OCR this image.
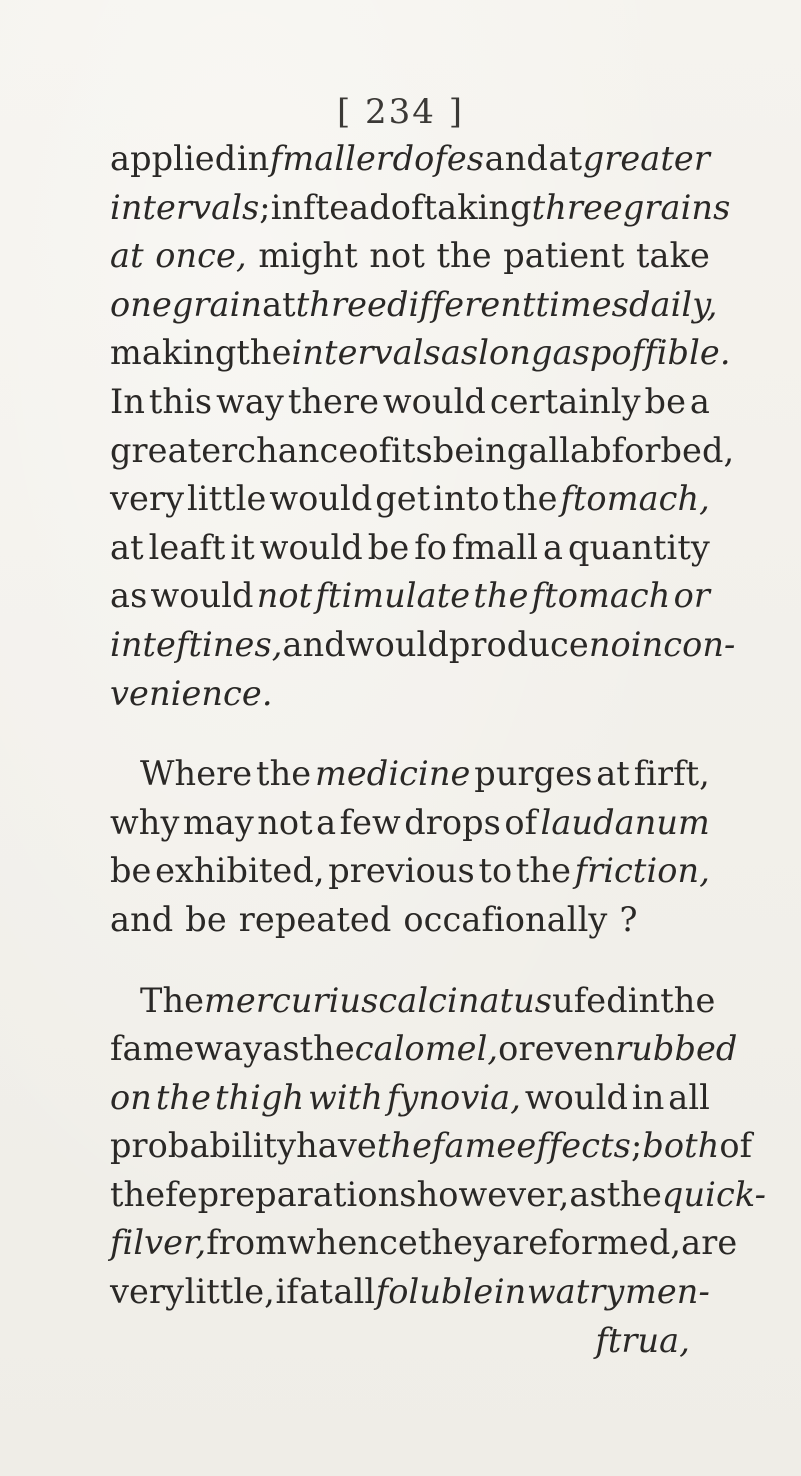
[ 234 ]
applied in fmaller dofes and at greater
intervals ; inftead of taking three grains
at once, might not the patient take
one grain at three different times daily,
making the intervals as long as poffible.
In this way there would certainly be a
greater chance of its being all abforbed,
very little would get into the ftomach,
at leaft it would be fo fmall a quantity
as would not ftimulate the ftomach or
inteftines, and would produce no incon-
venience.
Where the medicine purges at firft,
why may not a few drops of laudanum
be exhibited, previous to the friction,
and be repeated occafionally ?
The mercurius calcinatus ufed in the
fame way as the calomel, or even rubbed
on the thigh with fynovia, would in all
probability have the fame effects ; both of
thefe preparations however, as the quick-
filver, from whence they are formed, are
very little, if at all foluble in watry men-
ftrua,
